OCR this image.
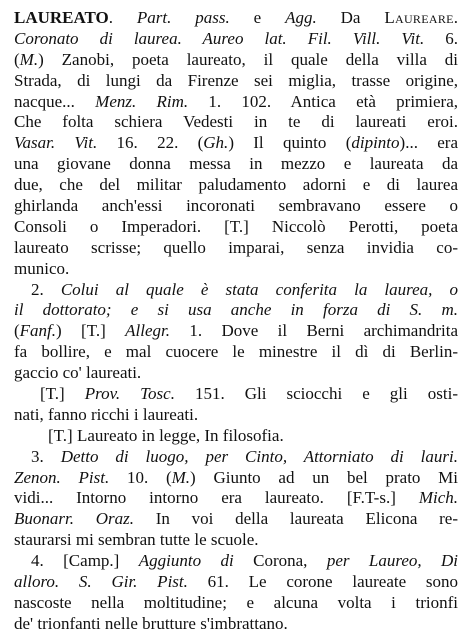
LAUREATO. Part. pass. e Agg. Da Laureare.
Coronato di laurea. Aureo lat. Fil. Vill. Vit. 6.
(M.) Zanobi, poeta laureato, il quale della villa di
Strada, di lungi da Firenze sei miglia, trasse origine,
nacque... Menz. Rim. 1. 102. Antica età primiera,
Che folta schiera Vedesti in te di laureati eroi.
Vasar. Vit. 16. 22. (Gh.) Il quinto (dipinto)... era
una giovane donna messa in mezzo e laureata da
due, che del militar paludamento adorni e di laurea
ghirlanda anch'essi incoronati sembravano essere o
Consoli o Imperadori. [T.] Niccolò Perotti, poeta
laureato scrisse; quello imparai, senza invidia co-
munico.
2. Colui al quale è stata conferita la laurea, o
il dottorato; e si usa anche in forza di S. m.
(Fanf.) [T.] Allegr. 1. Dove il Berni archimandrita
fa bollire, e mal cuocere le minestre il dì di Berlin-
gaccio co' laureati.
[T.] Prov. Tosc. 151. Gli sciocchi e gli osti-
nati, fanno ricchi i laureati.
[T.] Laureato in legge, In filosofia.
3. Detto di luogo, per Cinto, Attorniato di lauri.
Zenon. Pist. 10. (M.) Giunto ad un bel prato Mi
vidi... Intorno intorno era laureato. [F.T-s.] Mich.
Buonarr. Oraz. In voi della laureata Elicona re-
staurarsi mi sembran tutte le scuole.
4. [Camp.] Aggiunto di Corona, per Laureo, Di
alloro. S. Gir. Pist. 61. Le corone laureate sono
nascoste nella moltitudine; e alcuna volta i trionfi
de' trionfanti nelle brutture s'imbrattano.
